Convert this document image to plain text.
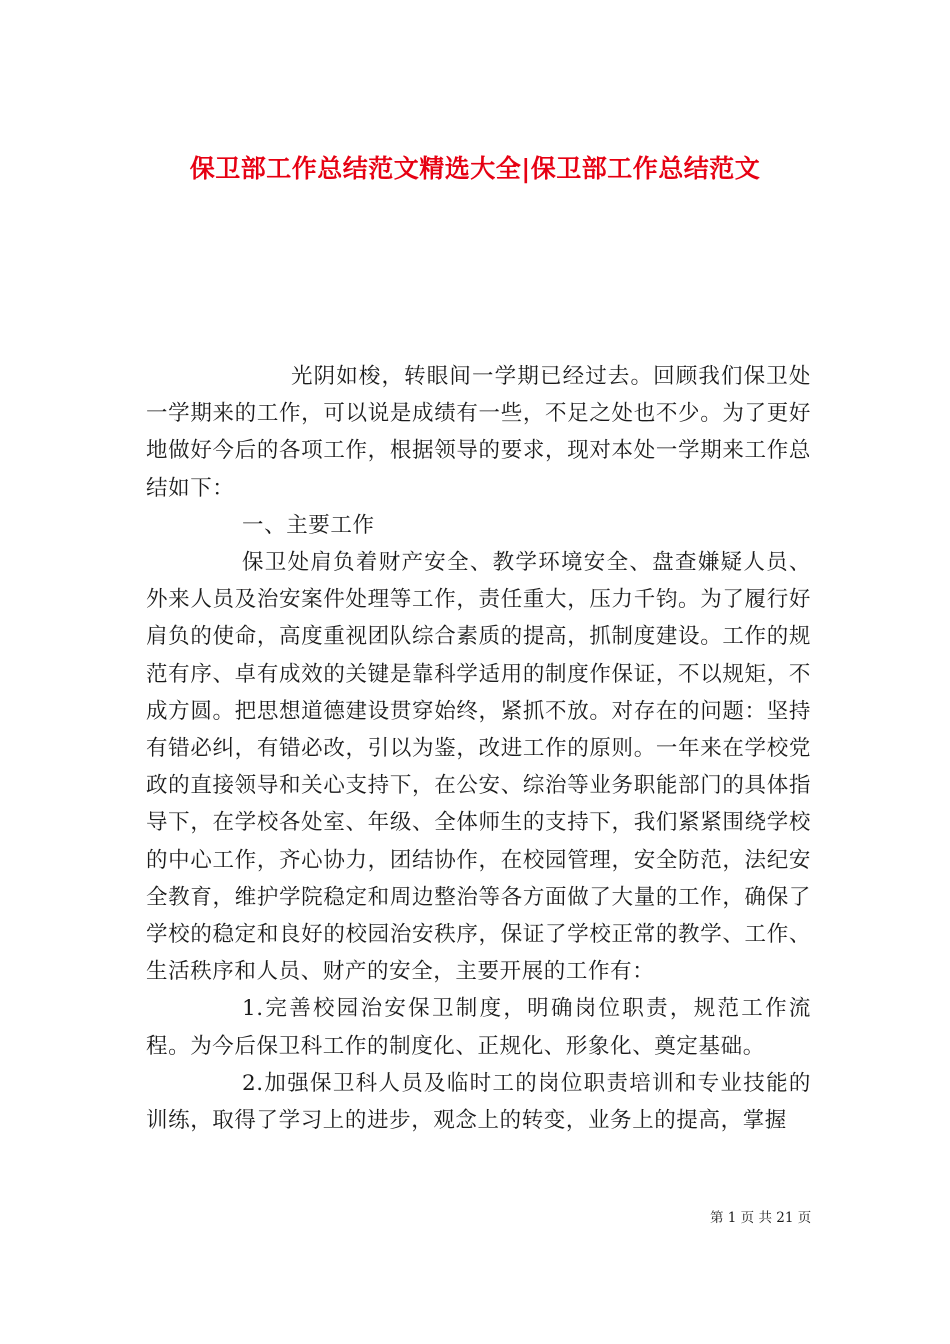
保卫部工作总结范文精选大全|保卫部工作总结范文

光阴如梭，转眼间一学期已经过去。回顾我们保卫处一学期来的工作，可以说是成绩有一些，不足之处也不少。为了更好地做好今后的各项工作，根据领导的要求，现对本处一学期来工作总结如下：

一、主要工作

保卫处肩负着财产安全、教学环境安全、盘查嫌疑人员、外来人员及治安案件处理等工作，责任重大，压力千钧。为了履行好肩负的使命，高度重视团队综合素质的提高，抓制度建设。工作的规范有序、卓有成效的关键是靠科学适用的制度作保证，不以规矩，不成方圆。把思想道德建设贯穿始终，紧抓不放。对存在的问题：坚持有错必纠，有错必改，引以为鉴，改进工作的原则。一年来在学校党政的直接领导和关心支持下，在公安、综治等业务职能部门的具体指导下，在学校各处室、年级、全体师生的支持下，我们紧紧围绕学校的中心工作，齐心协力，团结协作，在校园管理，安全防范，法纪安全教育，维护学院稳定和周边整治等各方面做了大量的工作，确保了学校的稳定和良好的校园治安秩序，保证了学校正常的教学、工作、生活秩序和人员、财产的安全，主要开展的工作有：

1.完善校园治安保卫制度，明确岗位职责，规范工作流程。为今后保卫科工作的制度化、正规化、形象化、奠定基础。

2.加强保卫科人员及临时工的岗位职责培训和专业技能的训练，取得了学习上的进步，观念上的转变，业务上的提高，掌握

第 1 页 共 21 页
